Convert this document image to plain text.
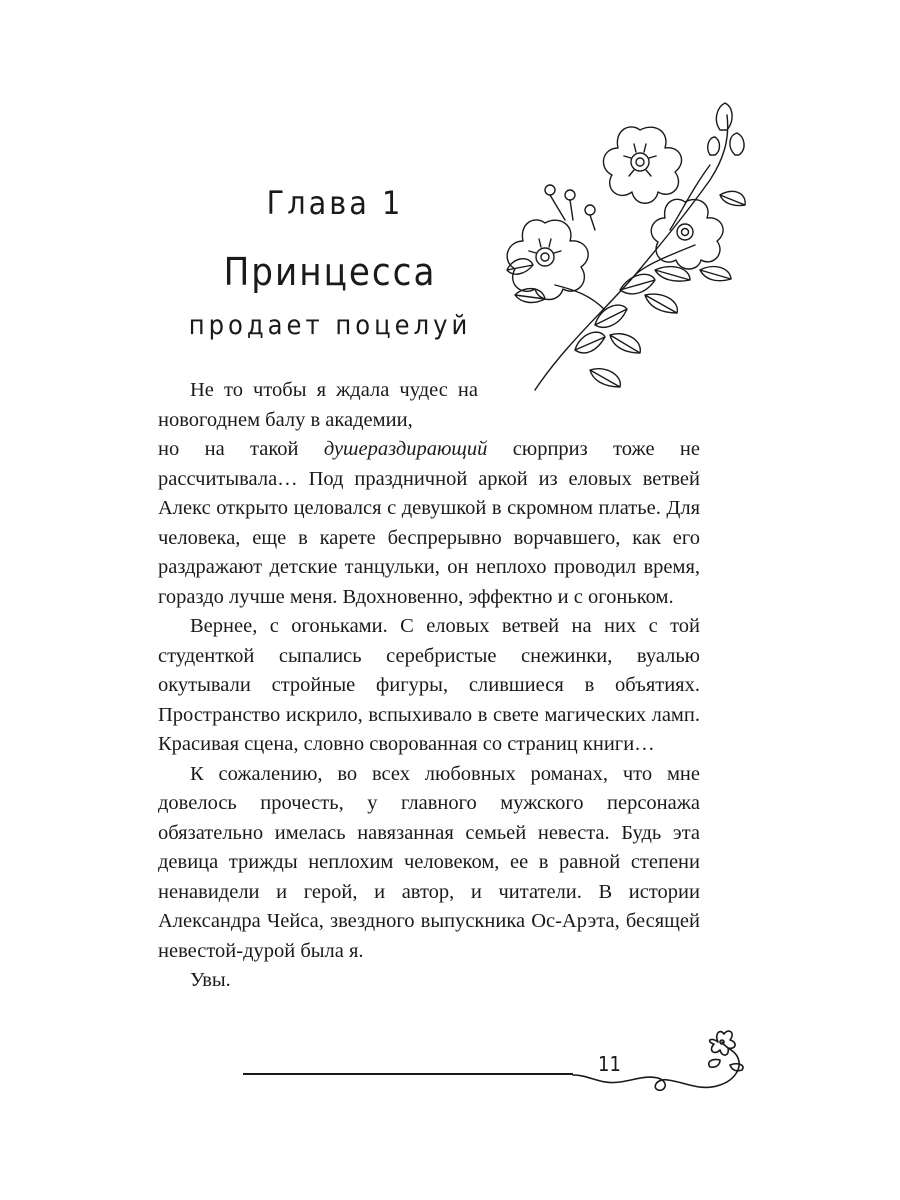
Глава 1
Принцесса
продает поцелуй

Не то чтобы я ждала чудес на новогоднем балу в академии,
но на такой душераздирающий сюрприз тоже не рассчитывала… Под праздничной аркой из еловых ветвей Алекс открыто целовался с девушкой в скромном платье. Для человека, еще в карете беспрерывно ворчавшего, как его раздражают детские танцульки, он неплохо проводил время, гораздо лучше меня. Вдохновенно, эффектно и с огоньком.

Вернее, с огоньками. С еловых ветвей на них с той студенткой сыпались серебристые снежинки, вуалью окутывали стройные фигуры, слившиеся в объятиях. Пространство искрило, вспыхивало в свете магических ламп. Красивая сцена, словно сворованная со страниц книги…

К сожалению, во всех любовных романах, что мне довелось прочесть, у главного мужского персонажа обязательно имелась навязанная семьей невеста. Будь эта девица трижды неплохим человеком, ее в равной степени ненавидели и герой, и автор, и читатели. В истории Александра Чейса, звездного выпускника Ос-Арэта, бесящей невестой-дурой была я.

Увы.

11
